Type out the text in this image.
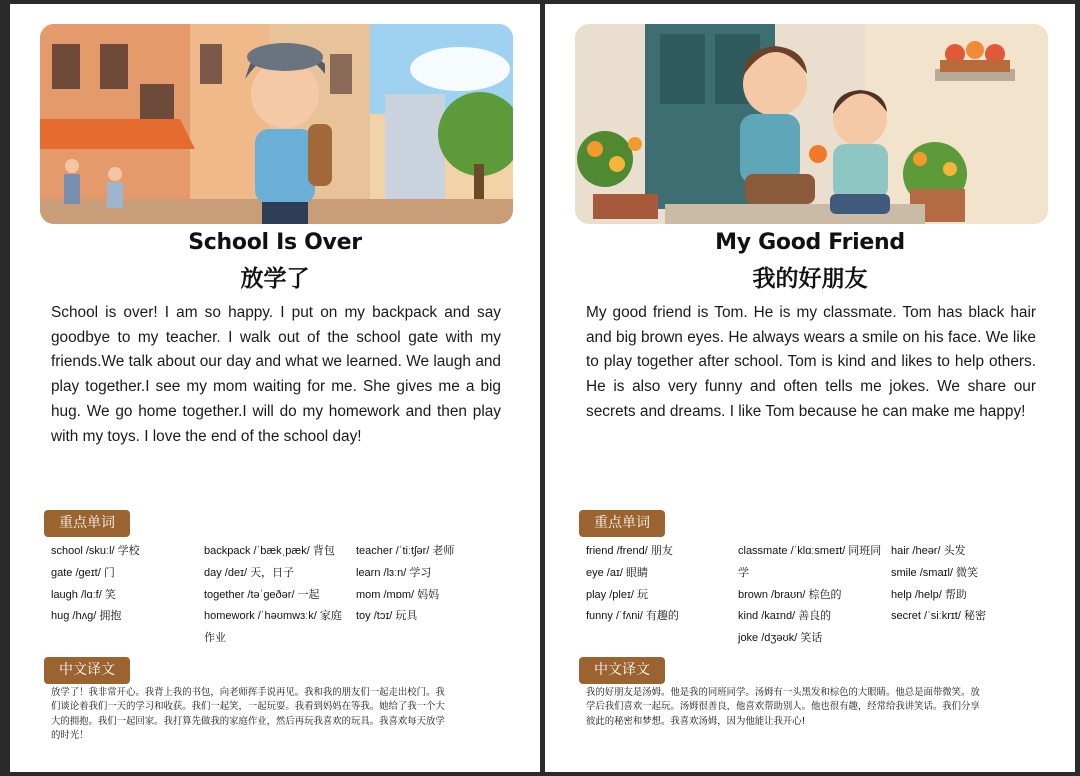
School Is Over
放学了
School is over! I am so happy. I put on my backpack and say goodbye to my teacher. I walk out of the school gate with my friends.We talk about our day and what we learned. We laugh and play together.I see my mom waiting for me. She gives me a big hug. We go home together.I will do my homework and then play with my toys. I love the end of the school day!
重点单词
school /skuːl/ 学校
gate /ɡeɪt/ 门
laugh /lɑːf/ 笑
hug /hʌɡ/ 拥抱
backpack /ˈbækˌpæk/ 背包
day /deɪ/ 天，日子
together /təˈɡeðər/ 一起
homework /ˈhəʊmwɜːk/ 家庭作业
teacher /ˈtiːtʃər/ 老师
learn /lɜːn/ 学习
mom /mɒm/ 妈妈
toy /tɔɪ/ 玩具
中文译文
放学了！我非常开心。我背上我的书包，向老师挥手说再见。我和我的朋友们一起走出校门。我们谈论着我们一天的学习和收获。我们一起笑，一起玩耍。我看到妈妈在等我。她给了我一个大大的拥抱。我们一起回家。我打算先做我的家庭作业，然后再玩我喜欢的玩具。我喜欢每天放学的时光！
My Good Friend
我的好朋友
My good friend is Tom. He is my classmate. Tom has black hair and big brown eyes. He always wears a smile on his face. We like to play together after school. Tom is kind and likes to help others. He is also very funny and often tells me jokes. We share our secrets and dreams. I like Tom because he can make me happy!
重点单词
friend /frend/ 朋友
eye /aɪ/ 眼睛
play /pleɪ/ 玩
funny /ˈfʌni/ 有趣的
classmate /ˈklɑːsmeɪt/ 同班同学
brown /braʊn/ 棕色的
kind /kaɪnd/ 善良的
joke /dʒəʊk/ 笑话
hair /heər/ 头发
smile /smaɪl/ 微笑
help /help/ 帮助
secret /ˈsiːkrɪt/ 秘密
中文译文
我的好朋友是汤姆。他是我的同班同学。汤姆有一头黑发和棕色的大眼睛。他总是面带微笑。放学后我们喜欢一起玩。汤姆很善良，他喜欢帮助别人。他也很有趣，经常给我讲笑话。我们分享彼此的秘密和梦想。我喜欢汤姆，因为他能让我开心!
